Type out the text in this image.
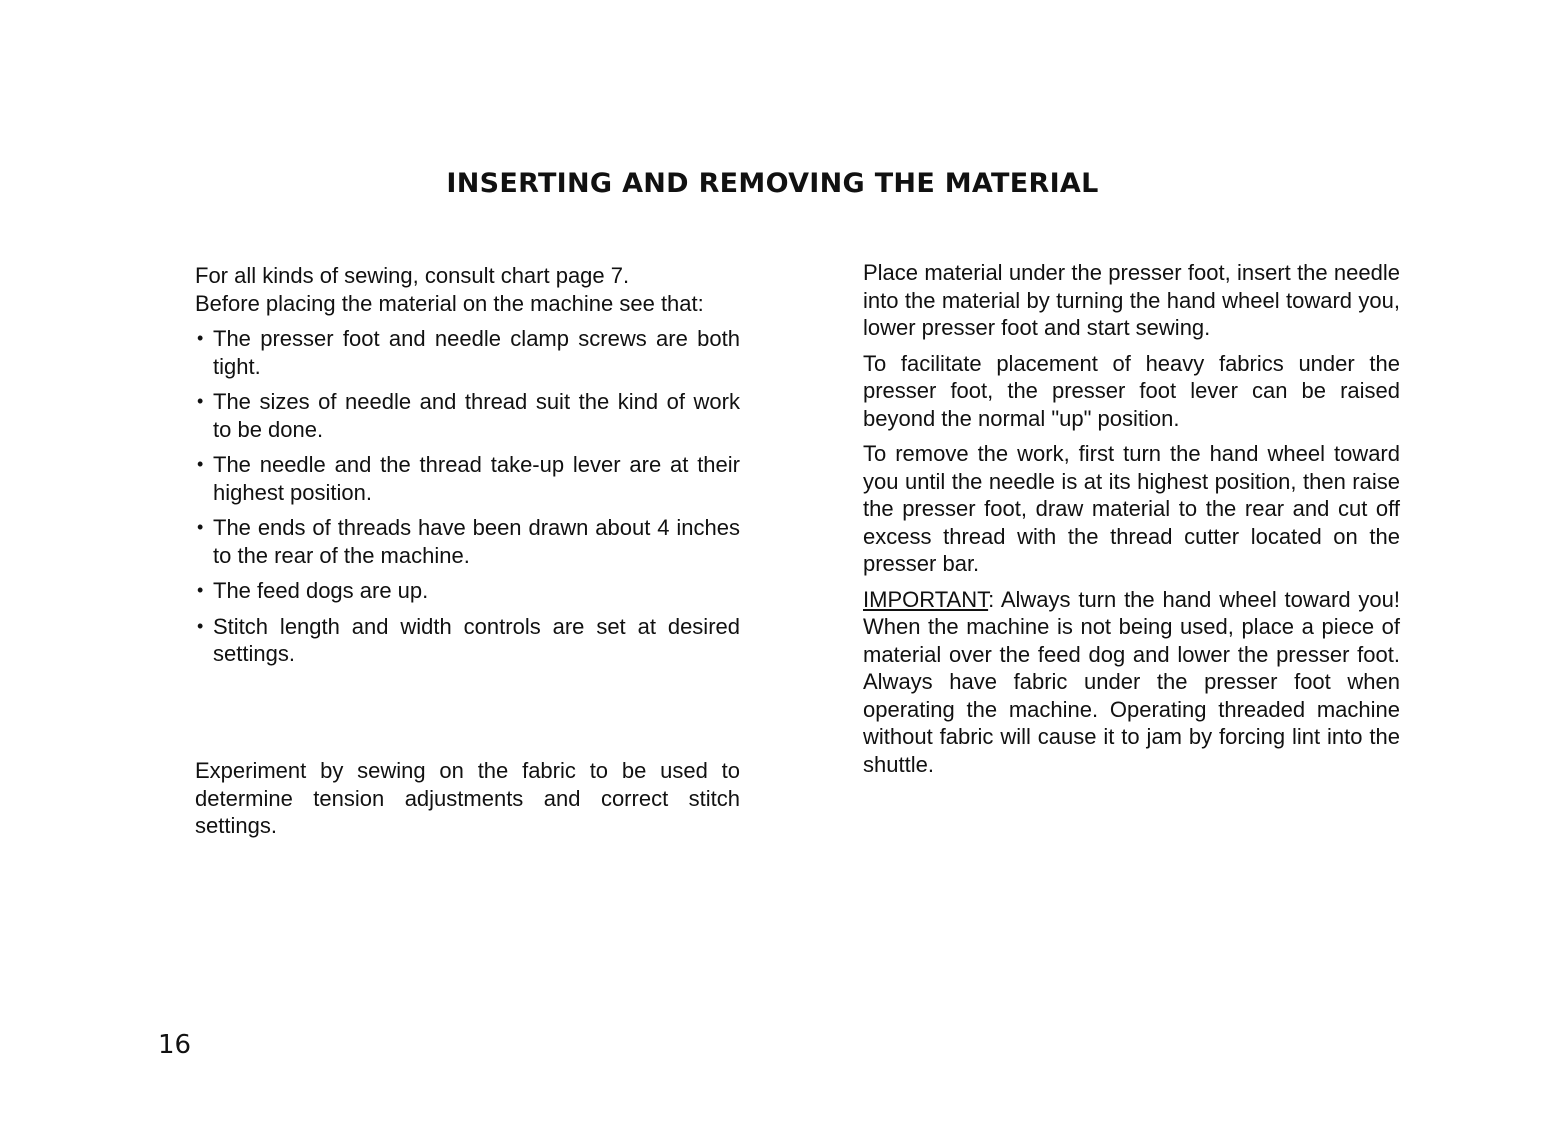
INSERTING AND REMOVING THE MATERIAL

For all kinds of sewing, consult chart page 7.

Before placing the material on the machine see that:

• The presser foot and needle clamp screws are both tight.
• The sizes of needle and thread suit the kind of work to be done.
• The needle and the thread take-up lever are at their highest position.
• The ends of threads have been drawn about 4 inches to the rear of the machine.
• The feed dogs are up.
• Stitch length and width controls are set at desired settings.

Experiment by sewing on the fabric to be used to determine tension adjustments and correct stitch settings.

Place material under the presser foot, insert the needle into the material by turning the hand wheel toward you, lower presser foot and start sewing.

To facilitate placement of heavy fabrics under the presser foot, the presser foot lever can be raised beyond the normal "up" position.

To remove the work, first turn the hand wheel toward you until the needle is at its highest position, then raise the presser foot, draw material to the rear and cut off excess thread with the thread cutter located on the presser bar.

IMPORTANT: Always turn the hand wheel toward you! When the machine is not being used, place a piece of material over the feed dog and lower the presser foot. Always have fabric under the presser foot when operating the machine. Operating threaded machine without fabric will cause it to jam by forcing lint into the shuttle.

16
